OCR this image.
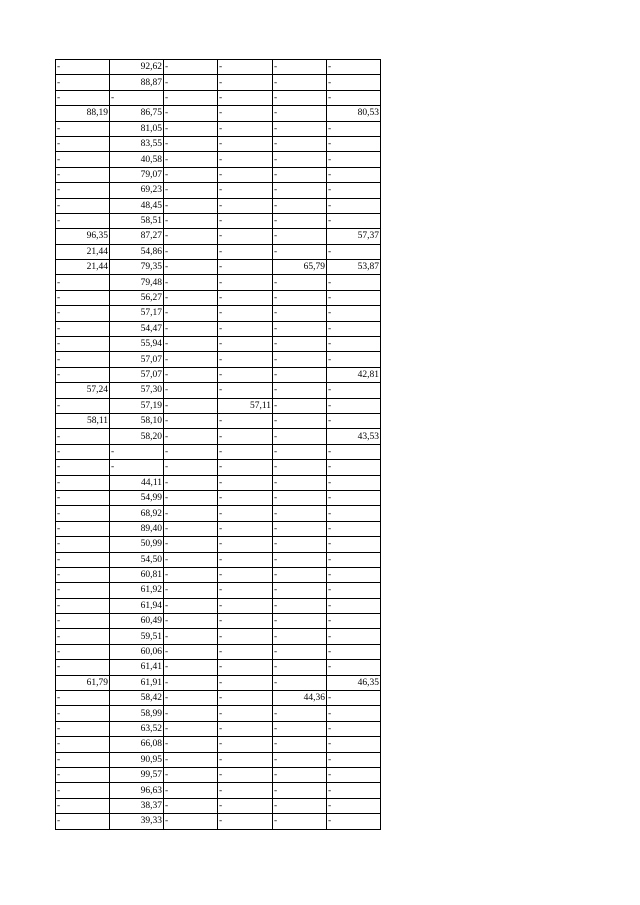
-	92,62	-	-	-	-
-	88,87	-	-	-	-
-	-	-	-	-	-
88,19	86,75	-	-	-	80,53
-	81,05	-	-	-	-
-	83,55	-	-	-	-
-	40,58	-	-	-	-
-	79,07	-	-	-	-
-	69,23	-	-	-	-
-	48,45	-	-	-	-
-	58,51	-	-	-	-
96,35	87,27	-	-	-	57,37
21,44	54,86	-	-	-	-
21,44	79,35	-	-	65,79	53,87
-	79,48	-	-	-	-
-	56,27	-	-	-	-
-	57,17	-	-	-	-
-	54,47	-	-	-	-
-	55,94	-	-	-	-
-	57,07	-	-	-	-
-	57,07	-	-	-	42,81
57,24	57,30	-	-	-	-
-	57,19	-	57,11	-	-
58,11	58,10	-	-	-	-
-	58,20	-	-	-	43,53
-	-	-	-	-	-
-	-	-	-	-	-
-	44,11	-	-	-	-
-	54,99	-	-	-	-
-	68,92	-	-	-	-
-	89,40	-	-	-	-
-	50,99	-	-	-	-
-	54,50	-	-	-	-
-	60,81	-	-	-	-
-	61,92	-	-	-	-
-	61,94	-	-	-	-
-	60,49	-	-	-	-
-	59,51	-	-	-	-
-	60,06	-	-	-	-
-	61,41	-	-	-	-
61,79	61,91	-	-	-	46,35
-	58,42	-	-	44,36	-
-	58,99	-	-	-	-
-	63,52	-	-	-	-
-	66,08	-	-	-	-
-	90,95	-	-	-	-
-	99,57	-	-	-	-
-	96,63	-	-	-	-
-	38,37	-	-	-	-
-	39,33	-	-	-	-
